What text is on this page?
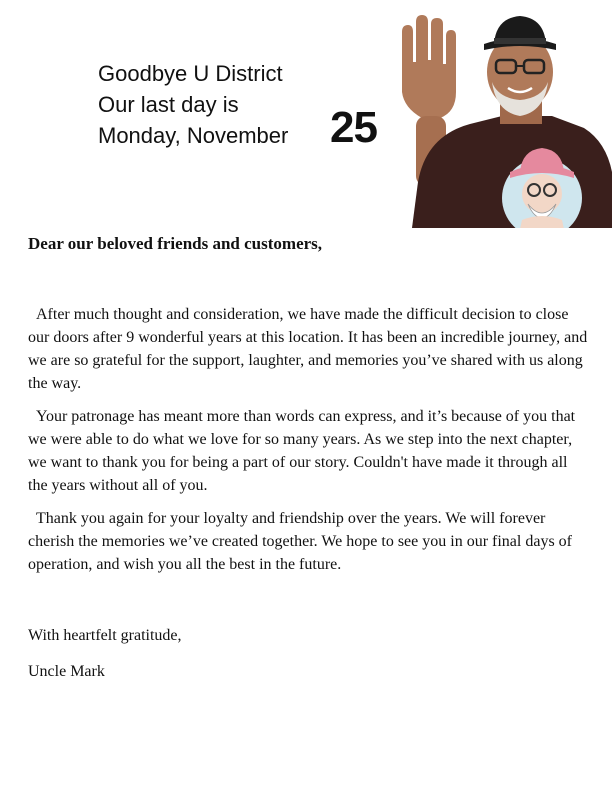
Goodbye U District
Our last day is
Monday, November 25
Dear our beloved friends and customers,

After much thought and consideration, we have made the difficult decision to close our doors after 9 wonderful years at this location. It has been an incredible journey, and we are so grateful for the support, laughter, and memories you’ve shared with us along the way.

Your patronage has meant more than words can express, and it’s because of you that we were able to do what we love for so many years. As we step into the next chapter, we want to thank you for being a part of our story. Couldn't have made it through all the years without all of you.

Thank you again for your loyalty and friendship over the years. We will forever cherish the memories we’ve created together. We hope to see you in our final days of operation, and wish you all the best in the future.

With heartfelt gratitude,
Uncle Mark
